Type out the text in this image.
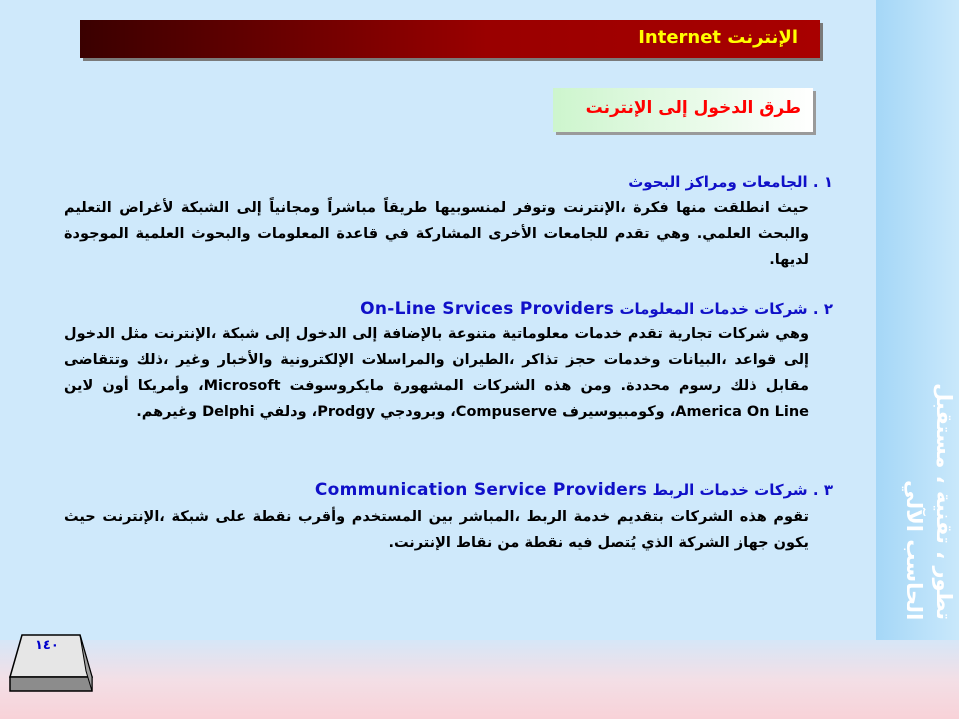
تطور ، تقنية ، مستقبل
الحاسب الآلي
الإنترنت Internet
طرق الدخول إلى الإنترنت
١ . الجامعات ومراكز البحوث

حيث انطلقت منها فكرة ،الإنترنت وتوفر لمنسوبيها طريقاً مباشراً ومجانياً إلى الشبكة لأغراض التعليم والبحث العلمي. وهي تقدم للجامعات الأخرى المشاركة في قاعدة المعلومات والبحوث العلمية الموجودة لديها.

٢ . شركات خدمات المعلومات On-Line Srvices Providers

وهي شركات تجارية تقدم خدمات معلوماتية متنوعة بالإضافة إلى الدخول إلى شبكة ،الإنترنت مثل الدخول إلى قواعد ،البيانات وخدمات حجز تذاكر ،الطيران والمراسلات الإلكترونية والأخبار وغير ،ذلك وتتقاضى مقابل ذلك رسوم محددة. ومن هذه الشركات المشهورة مايكروسوفت Microsoft، وأمريكا أون لاين America On Line، وكومبيوسيرف Compuserve، وبرودجي Prodgy، ودلفي Delphi وغيرهم.

٣ . شركات خدمات الربط Communication Service Providers

تقوم هذه الشركات بتقديم خدمة الربط ،المباشر بين المستخدم وأقرب نقطة على شبكة ،الإنترنت حيث يكون جهاز الشركة الذي يُتصل فيه نقطة من نقاط الإنترنت.

١٤٠
